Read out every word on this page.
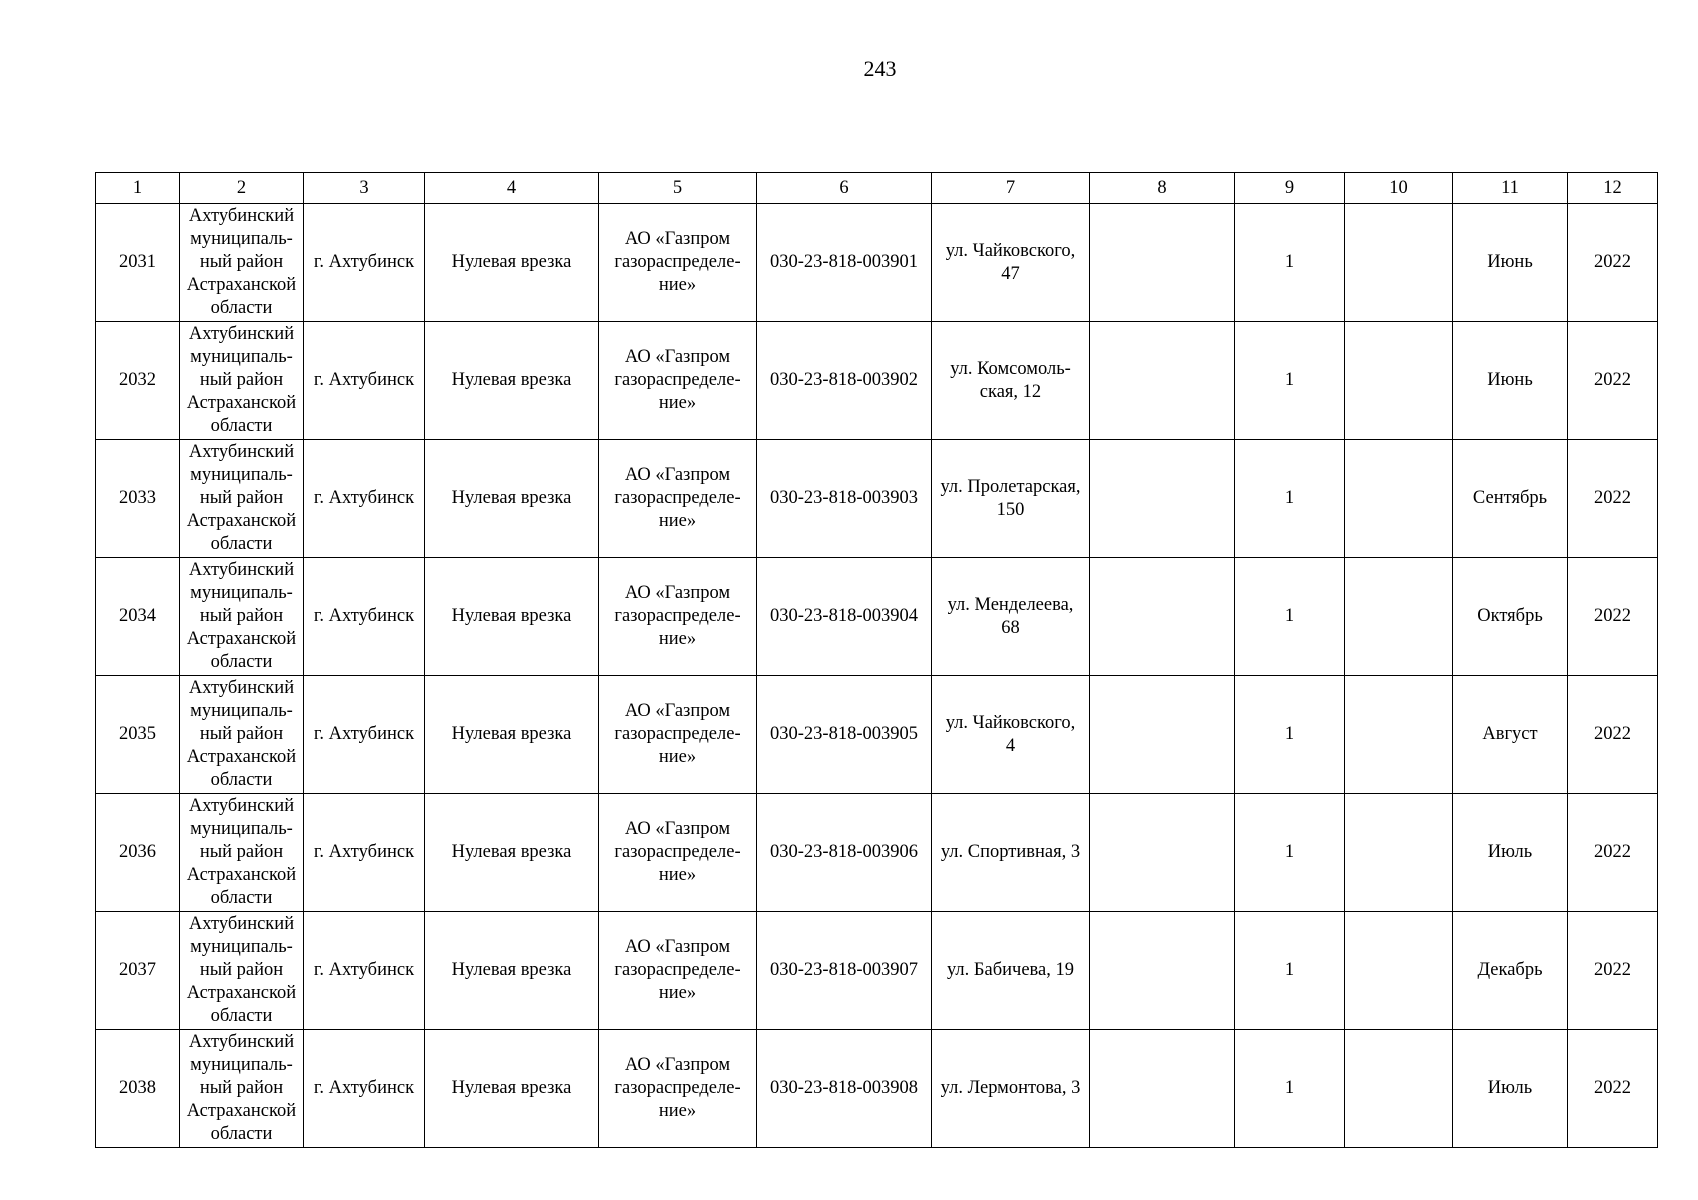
243
1	2	3	4	5	6	7	8	9	10	11	12

2031	Ахтубинский
муниципаль-
ный район
Астраханской
области	г. Ахтубинск	Нулевая врезка	АО «Газпром
газораспределе-
ние»	030-23-818-003901	ул. Чайковского,
47		1		Июнь	2022

2032	Ахтубинский
муниципаль-
ный район
Астраханской
области	г. Ахтубинск	Нулевая врезка	АО «Газпром
газораспределе-
ние»	030-23-818-003902	ул. Комсомоль-
ская, 12		1		Июнь	2022

2033	Ахтубинский
муниципаль-
ный район
Астраханской
области	г. Ахтубинск	Нулевая врезка	АО «Газпром
газораспределе-
ние»	030-23-818-003903	ул. Пролетарская,
150		1		Сентябрь	2022

2034	Ахтубинский
муниципаль-
ный район
Астраханской
области	г. Ахтубинск	Нулевая врезка	АО «Газпром
газораспределе-
ние»	030-23-818-003904	ул. Менделеева,
68		1		Октябрь	2022

2035	Ахтубинский
муниципаль-
ный район
Астраханской
области	г. Ахтубинск	Нулевая врезка	АО «Газпром
газораспределе-
ние»	030-23-818-003905	ул. Чайковского,
4		1		Август	2022

2036	Ахтубинский
муниципаль-
ный район
Астраханской
области	г. Ахтубинск	Нулевая врезка	АО «Газпром
газораспределе-
ние»	030-23-818-003906	ул. Спортивная, 3		1		Июль	2022

2037	Ахтубинский
муниципаль-
ный район
Астраханской
области	г. Ахтубинск	Нулевая врезка	АО «Газпром
газораспределе-
ние»	030-23-818-003907	ул. Бабичева, 19		1		Декабрь	2022

2038	Ахтубинский
муниципаль-
ный район
Астраханской
области	г. Ахтубинск	Нулевая врезка	АО «Газпром
газораспределе-
ние»	030-23-818-003908	ул. Лермонтова, 3		1		Июль	2022
